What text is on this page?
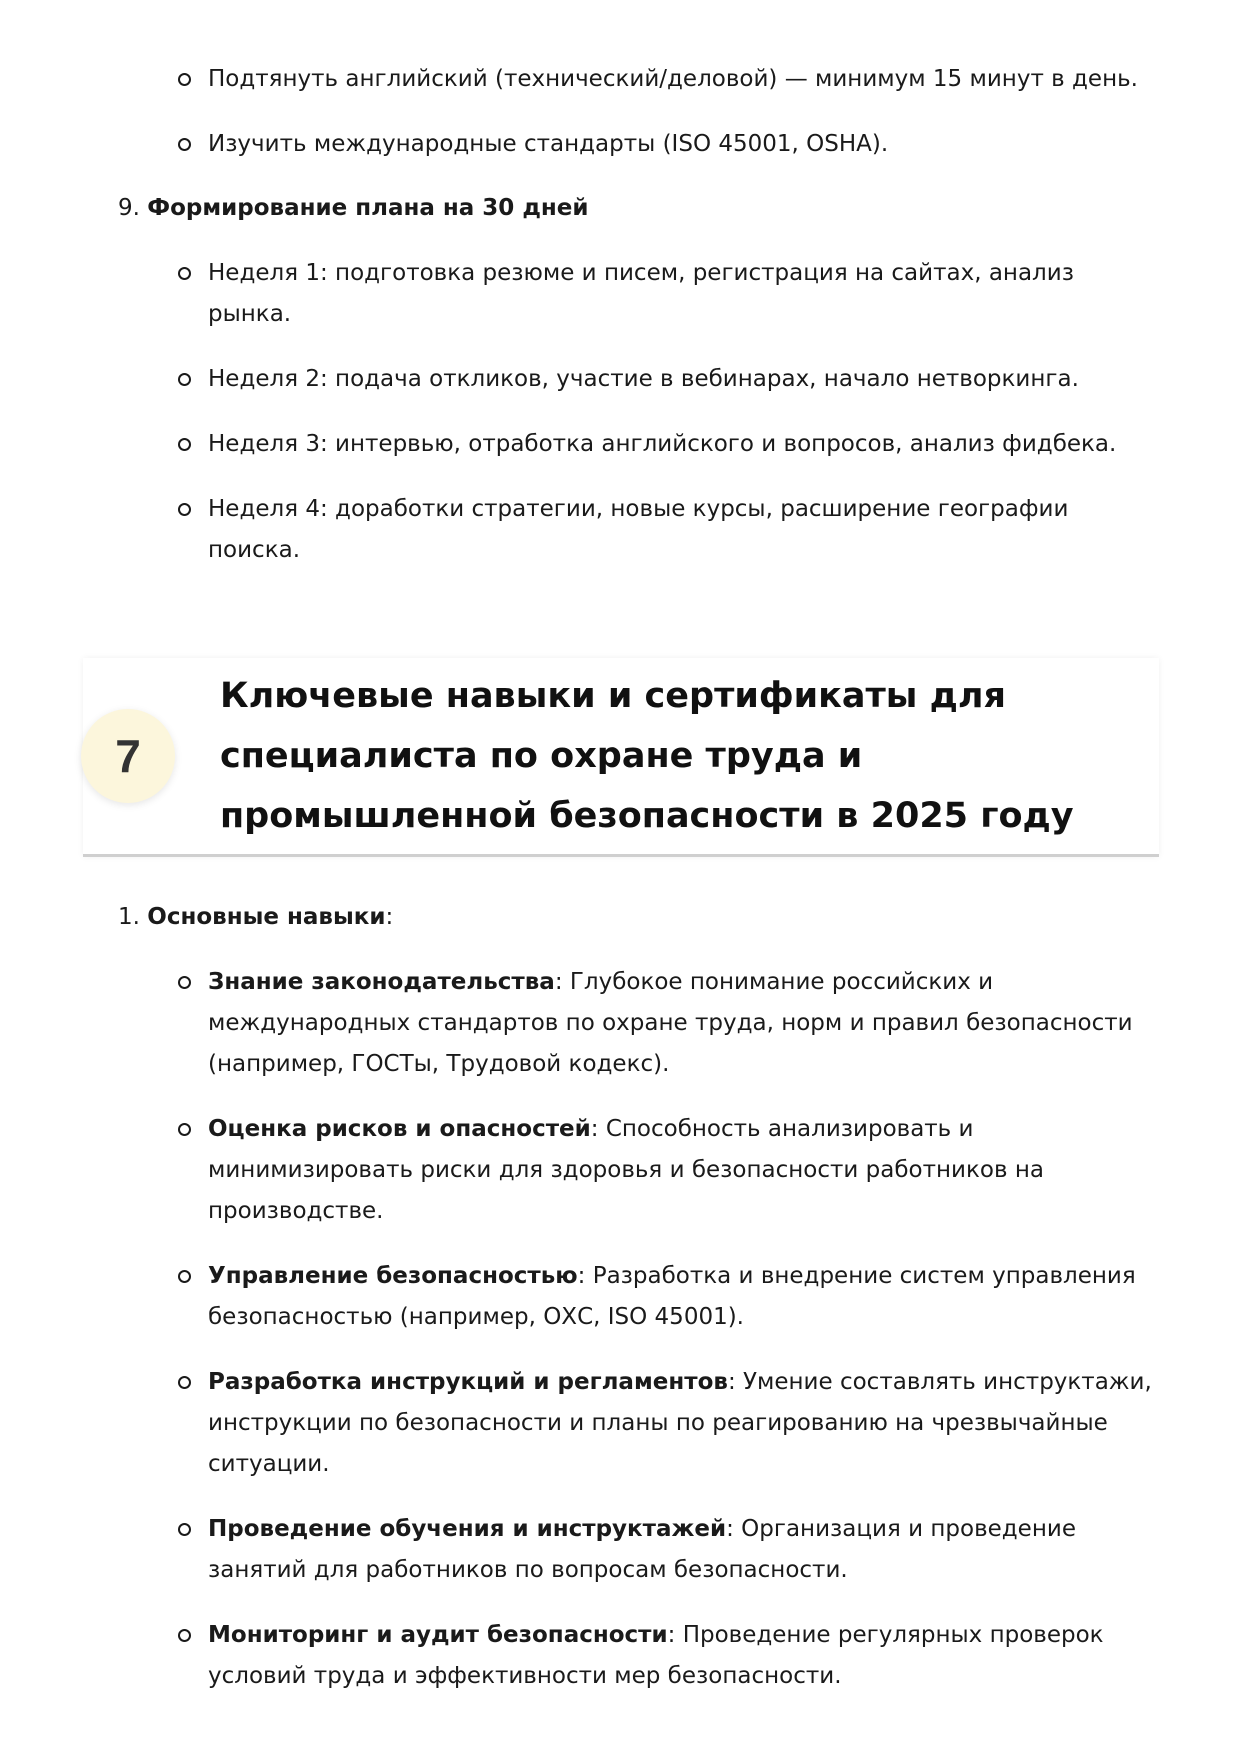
Подтянуть английский (технический/деловой) — минимум 15 минут в день.
Изучить международные стандарты (ISO 45001, OSHA).

9. Формирование плана на 30 дней

Неделя 1: подготовка резюме и писем, регистрация на сайтах, анализ рынка.
Неделя 2: подача откликов, участие в вебинарах, начало нетворкинга.
Неделя 3: интервью, отработка английского и вопросов, анализ фидбека.
Неделя 4: доработки стратегии, новые курсы, расширение географии поиска.
7
Ключевые навыки и сертификаты для специалиста по охране труда и промышленной безопасности в 2025 году

1. Основные навыки:

Знание законодательства: Глубокое понимание российских и международных стандартов по охране труда, норм и правил безопасности (например, ГОСТы, Трудовой кодекс).
Оценка рисков и опасностей: Способность анализировать и минимизировать риски для здоровья и безопасности работников на производстве.
Управление безопасностью: Разработка и внедрение систем управления безопасностью (например, ОХС, ISO 45001).
Разработка инструкций и регламентов: Умение составлять инструктажи, инструкции по безопасности и планы по реагированию на чрезвычайные ситуации.
Проведение обучения и инструктажей: Организация и проведение занятий для работников по вопросам безопасности.
Мониторинг и аудит безопасности: Проведение регулярных проверок условий труда и эффективности мер безопасности.
